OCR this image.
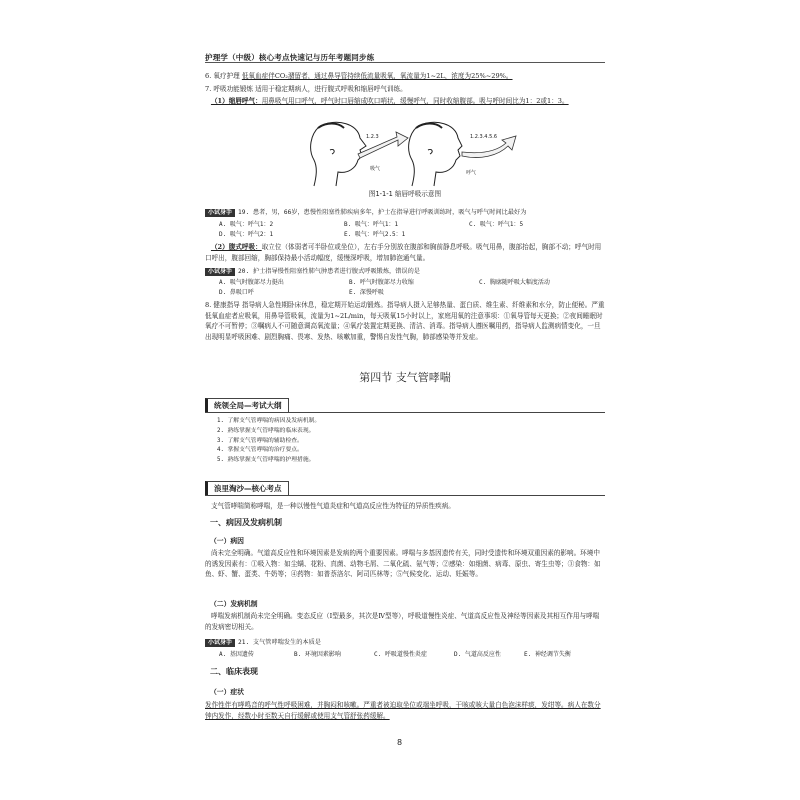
护理学（中级）核心考点快速记与历年考题同步练
6. 氧疗护理 低氧血症伴CO₂潴留者，通过鼻导管持续低流量吸氧，氧流量为1~2L，浓度为25%~29%。
7. 呼吸功能锻炼 适用于稳定期病人，进行腹式呼吸和缩唇呼气训练。
（1）缩唇呼气：用鼻吸气用口呼气，呼气时口唇缩成吹口哨状，缓慢呼气，同时收缩腹部。吸与呼时间比为1：2或1：3。
1.2.3
吸气
1.2.3.4.5.6
呼气
图1-1-1 缩唇呼吸示意图
小试身手 19. 患者，男，66岁，患慢性阻塞性肺疾病多年，护士在指导进行呼吸训练时，吸气与呼气时间比最好为
A. 吸气：呼气1：2	B. 吸气：呼气1：1	C. 吸气：呼气1：5
D. 吸气：呼气2：1	E. 吸气：呼气2.5：1
（2）腹式呼吸：取立位（体弱者可半卧位或坐位），左右手分别放在腹部和胸前静息呼吸。吸气用鼻，腹部抬起，胸部不动；呼气时用口呼出，腹部回缩，胸部保持最小活动幅度，缓慢深呼吸，增加肺泡通气量。
小试身手 20. 护士指导慢性阻塞性肺气肿患者进行腹式呼吸锻炼，错误的是
A. 吸气时腹部尽力挺出	B. 呼气时腹部尽力收缩	C. 胸廓随呼吸大幅度活动
D. 鼻吸口呼	E. 深慢呼吸
8. 健康指导 指导病人急性期卧床休息，稳定期开始运动锻炼。指导病人摄入足够热量、蛋白质、维生素、纤维素和水分，防止便秘。严重低氧血症者应吸氧，用鼻导管吸氧，流量为1~2L/min，每天吸氧15小时以上，家庭用氧的注意事项：①氧导管每天更换；②夜间睡眠时氧疗不可暂停；③嘱病人不可随意调高氧流量；④氧疗装置定期更换、清洁、消毒。指导病人遵医嘱用药，指导病人监测病情变化，一旦出现明显呼吸困难、剧烈胸痛、畏寒、发热、咳嗽加重，警惕自发性气胸，肺部感染等并发症。
第四节 支气管哮喘
统领全局—考试大纲
1. 了解支气管哮喘的病因及发病机制。
2. 熟练掌握支气管哮喘的临床表现。
3. 了解支气管哮喘的辅助检查。
4. 掌握支气管哮喘的治疗要点。
5. 熟练掌握支气管哮喘的护理措施。
浪里淘沙—核心考点
支气管哮喘简称哮喘，是一种以慢性气道炎症和气道高反应性为特征的异质性疾病。
一、病因及发病机制
（一）病因
尚未完全明确。气道高反应性和环境因素是发病的两个重要因素。哮喘与多基因遗传有关，同时受遗传和环境双重因素的影响。环境中的诱发因素有：①吸入物：如尘螨、花粉、真菌、动物毛屑、二氧化硫、氨气等；②感染：如细菌、病毒、原虫、寄生虫等；③食物：如鱼、虾、蟹、蛋类、牛奶等；④药物：如普萘洛尔、阿司匹林等；⑤气候变化、运动、妊娠等。
（二）发病机制
哮喘发病机制尚未完全明确。变态反应（Ⅰ型最多，其次是Ⅳ型等），呼吸道慢性炎症、气道高反应性及神经等因素及其相互作用与哮喘的发病密切相关。
小试身手 21. 支气管哮喘发生的本质是
A. 基因遗传	B. 环境因素影响	C. 呼吸道慢性炎症	D. 气道高反应性	E. 神经调节失衡
二、临床表现
（一）症状
发作性伴有哮鸣音的呼气性呼吸困难，并胸闷和咳嗽。严重者被迫取坐位或端坐呼吸，干咳或咳大量白色泡沫样痰，发绀等。病人在数分钟内发作，经数小时至数天自行缓解或使用支气管舒张药缓解。
8
